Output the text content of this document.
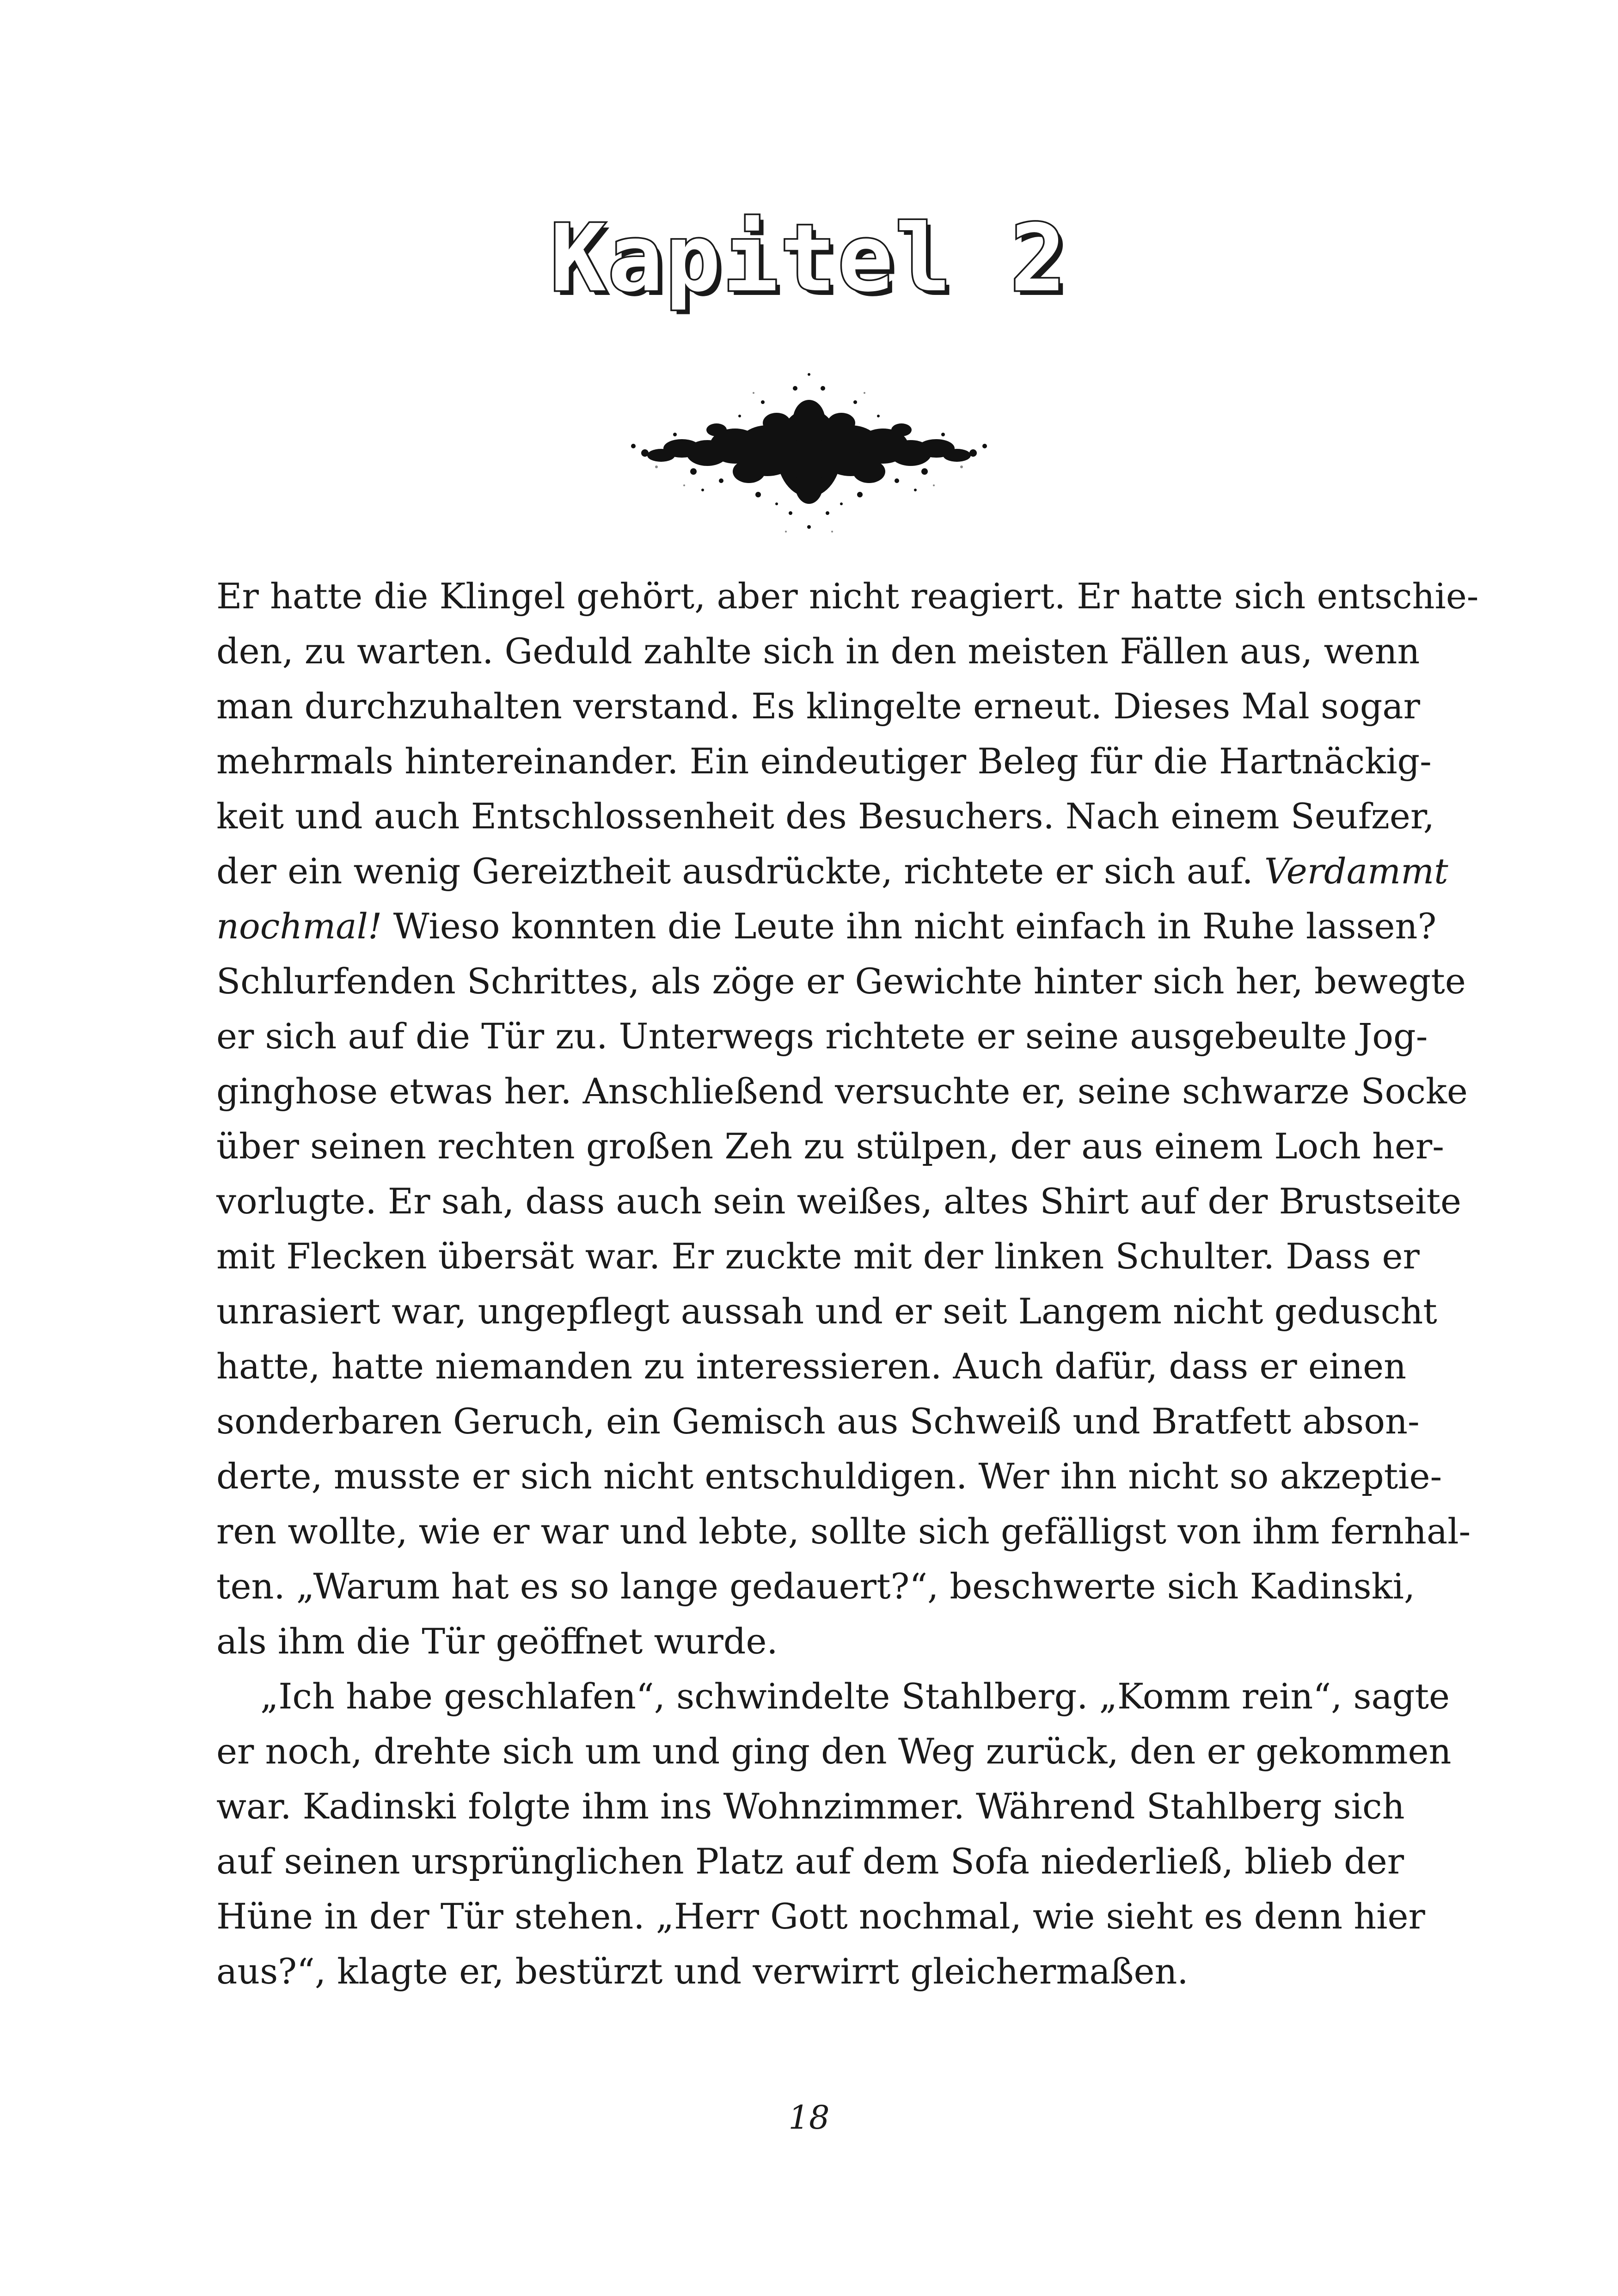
Kapitel 2
Er hatte die Klingel gehört, aber nicht reagiert. Er hatte sich entschie-
den, zu warten. Geduld zahlte sich in den meisten Fällen aus, wenn
man durchzuhalten verstand. Es klingelte erneut. Dieses Mal sogar
mehrmals hintereinander. Ein eindeutiger Beleg für die Hartnäckig-
keit und auch Entschlossenheit des Besuchers. Nach einem Seufzer,
der ein wenig Gereiztheit ausdrückte, richtete er sich auf. Verdammt
nochmal! Wieso konnten die Leute ihn nicht einfach in Ruhe lassen?
Schlurfenden Schrittes, als zöge er Gewichte hinter sich her, bewegte
er sich auf die Tür zu. Unterwegs richtete er seine ausgebeulte Jog-
ginghose etwas her. Anschließend versuchte er, seine schwarze Socke
über seinen rechten großen Zeh zu stülpen, der aus einem Loch her-
vorlugte. Er sah, dass auch sein weißes, altes Shirt auf der Brustseite
mit Flecken übersät war. Er zuckte mit der linken Schulter. Dass er
unrasiert war, ungepflegt aussah und er seit Langem nicht geduscht
hatte, hatte niemanden zu interessieren. Auch dafür, dass er einen
sonderbaren Geruch, ein Gemisch aus Schweiß und Bratfett abson-
derte, musste er sich nicht entschuldigen. Wer ihn nicht so akzeptie-
ren wollte, wie er war und lebte, sollte sich gefälligst von ihm fernhal-
ten. „Warum hat es so lange gedauert?“, beschwerte sich Kadinski,
als ihm die Tür geöffnet wurde.
„Ich habe geschlafen“, schwindelte Stahlberg. „Komm rein“, sagte
er noch, drehte sich um und ging den Weg zurück, den er gekommen
war. Kadinski folgte ihm ins Wohnzimmer. Während Stahlberg sich
auf seinen ursprünglichen Platz auf dem Sofa niederließ, blieb der
Hüne in der Tür stehen. „Herr Gott nochmal, wie sieht es denn hier
aus?“, klagte er, bestürzt und verwirrt gleichermaßen.
18
